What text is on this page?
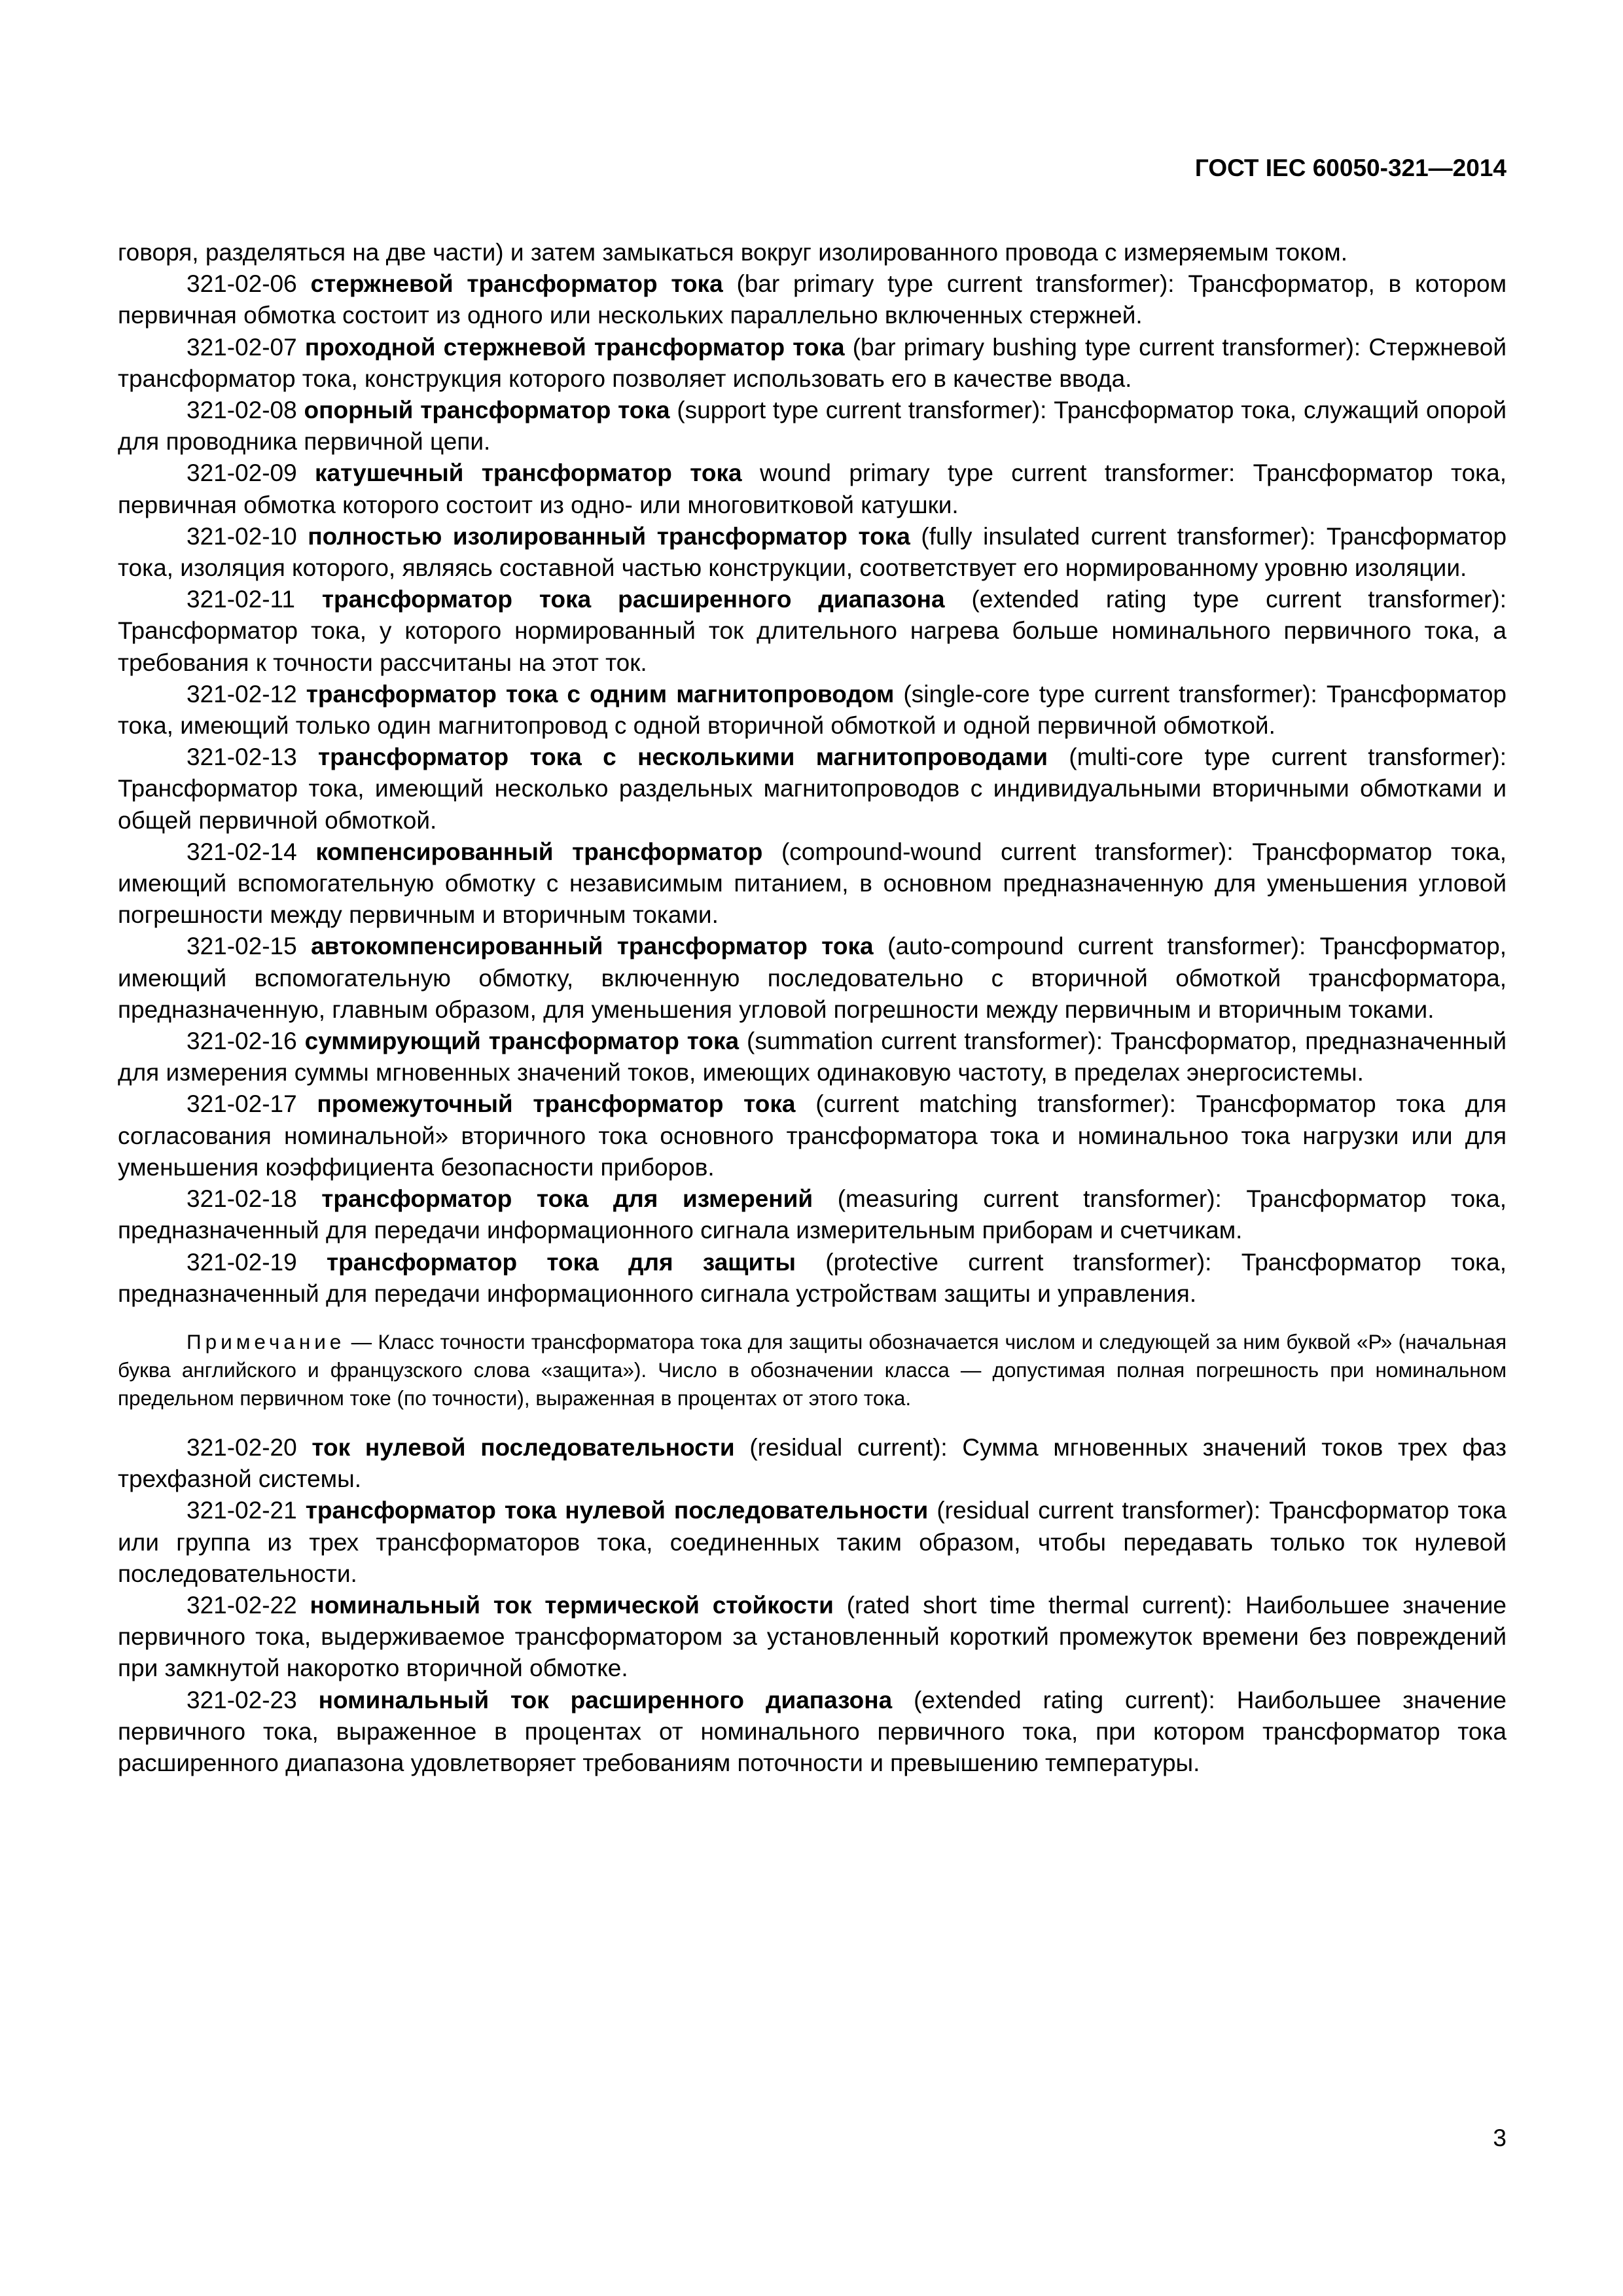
ГОСТ IEC 60050-321—2014

говоря, разделяться на две части) и затем замыкаться вокруг изолированного провода с измеряемым током.

321-02-06 стержневой трансформатор тока (bar primary type current transformer): Трансформатор, в котором первичная обмотка состоит из одного или нескольких параллельно включенных стержней.

321-02-07 проходной стержневой трансформатор тока (bar primary bushing type current transformer): Стержневой трансформатор тока, конструкция которого позволяет использовать его в качестве ввода.

321-02-08 опорный трансформатор тока (support type current transformer): Трансформатор тока, служащий опорой для проводника первичной цепи.

321-02-09 катушечный трансформатор тока wound primary type current transformer: Трансформатор тока, первичная обмотка которого состоит из одно- или многовитковой катушки.

321-02-10 полностью изолированный трансформатор тока (fully insulated current transformer): Трансформатор тока, изоляция которого, являясь составной частью конструкции, соответствует его нормированному уровню изоляции.

321-02-11 трансформатор тока расширенного диапазона (extended rating type current transformer): Трансформатор тока, у которого нормированный ток длительного нагрева больше номинального первичного тока, а требования к точности рассчитаны на этот ток.

321-02-12 трансформатор тока с одним магнитопроводом (single-core type current transformer): Трансформатор тока, имеющий только один магнитопровод с одной вторичной обмоткой и одной первичной обмоткой.

321-02-13 трансформатор тока с несколькими магнитопроводами (multi-core type current transformer): Трансформатор тока, имеющий несколько раздельных магнитопроводов с индивидуальными вторичными обмотками и общей первичной обмоткой.

321-02-14 компенсированный трансформатор (compound-wound current transformer): Трансформатор тока, имеющий вспомогательную обмотку с независимым питанием, в основном предназначенную для уменьшения угловой погрешности между первичным и вторичным токами.

321-02-15 автокомпенсированный трансформатор тока (auto-compound current transformer): Трансформатор, имеющий вспомогательную обмотку, включенную последовательно с вторичной обмоткой трансформатора, предназначенную, главным образом, для уменьшения угловой погрешности между первичным и вторичным токами.

321-02-16 суммирующий трансформатор тока (summation current transformer): Трансформатор, предназначенный для измерения суммы мгновенных значений токов, имеющих одинаковую частоту, в пределах энергосистемы.

321-02-17 промежуточный трансформатор тока (current matching transformer): Трансформатор тока для согласования номинальной» вторичного тока основного трансформатора тока и номинальноо тока нагрузки или для уменьшения коэффициента безопасности приборов.

321-02-18 трансформатор тока для измерений (measuring current transformer): Трансформатор тока, предназначенный для передачи информационного сигнала измерительным приборам и счетчикам.

321-02-19 трансформатор тока для защиты (protective current transformer): Трансформатор тока, предназначенный для передачи информационного сигнала устройствам защиты и управления.

Примечание — Класс точности трансформатора тока для защиты обозначается числом и следующей за ним буквой «Р» (начальная буква английского и французского слова «защита»). Число в обозначении класса — допустимая полная погрешность при номинальном предельном первичном токе (по точности), выраженная в процентах от этого тока.

321-02-20 ток нулевой последовательности (residual current): Сумма мгновенных значений токов трех фаз трехфазной системы.

321-02-21 трансформатор тока нулевой последовательности (residual current transformer): Трансформатор тока или группа из трех трансформаторов тока, соединенных таким образом, чтобы передавать только ток нулевой последовательности.

321-02-22 номинальный ток термической стойкости (rated short time thermal current): Наибольшее значение первичного тока, выдерживаемое трансформатором за установленный короткий промежуток времени без повреждений при замкнутой накоротко вторичной обмотке.

321-02-23 номинальный ток расширенного диапазона (extended rating current): Наибольшее значение первичного тока, выраженное в процентах от номинального первичного тока, при котором трансформатор тока расширенного диапазона удовлетворяет требованиям поточности и превышению температуры.

3
